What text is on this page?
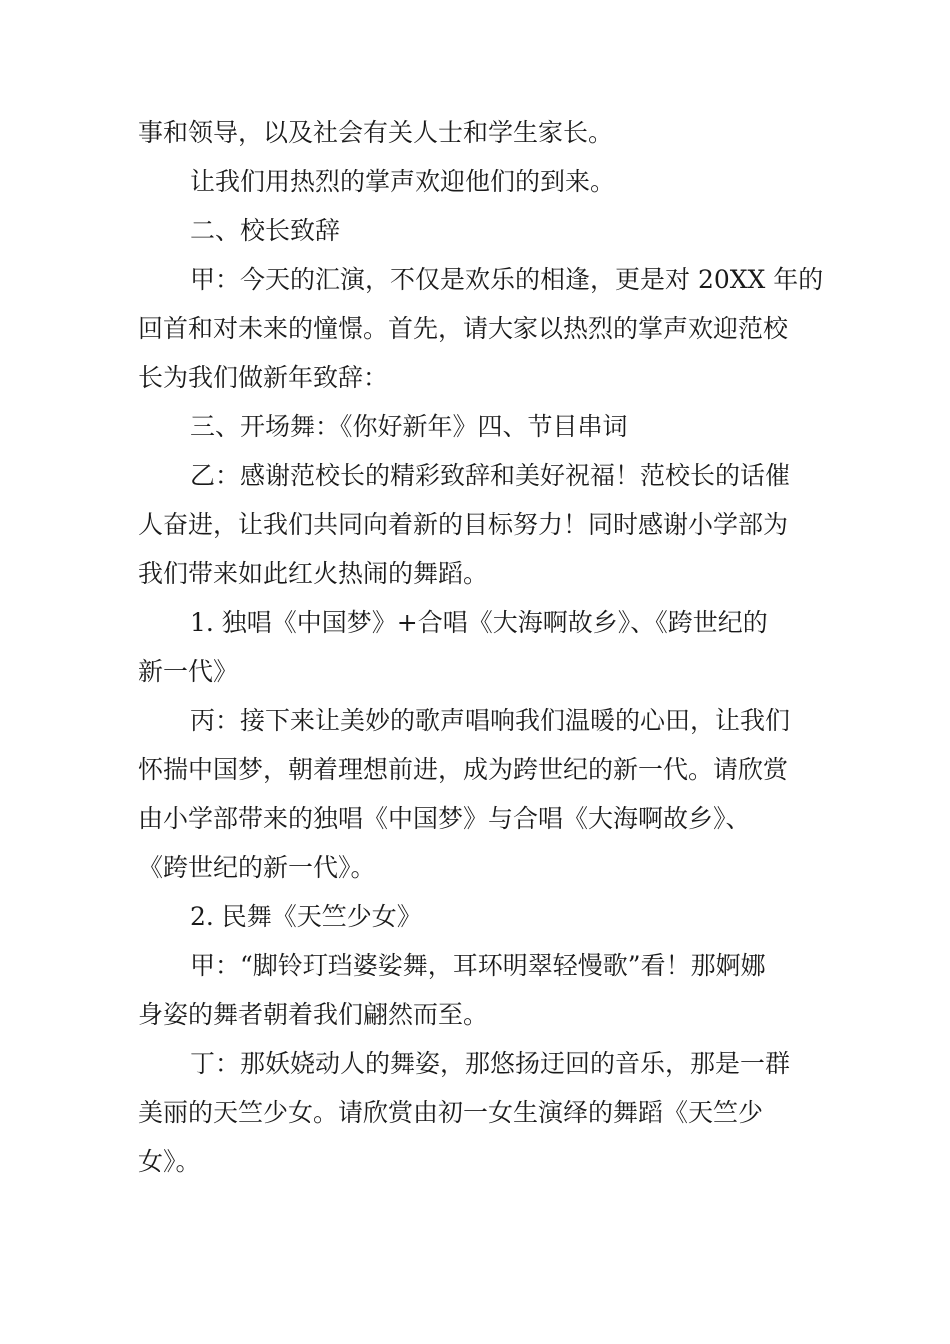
事和领导，以及社会有关人士和学生家长。
让我们用热烈的掌声欢迎他们的到来。
二、校长致辞
甲：今天的汇演，不仅是欢乐的相逢，更是对 20XX 年的
回首和对未来的憧憬。首先，请大家以热烈的掌声欢迎范校
长为我们做新年致辞：
三、开场舞：《你好新年》四、节目串词
乙：感谢范校长的精彩致辞和美好祝福！范校长的话催
人奋进，让我们共同向着新的目标努力！同时感谢小学部为
我们带来如此红火热闹的舞蹈。
1. 独唱《中国梦》+合唱《大海啊故乡》、《跨世纪的
新一代》
丙：接下来让美妙的歌声唱响我们温暖的心田，让我们
怀揣中国梦，朝着理想前进，成为跨世纪的新一代。请欣赏
由小学部带来的独唱《中国梦》与合唱《大海啊故乡》、
《跨世纪的新一代》。
2. 民舞《天竺少女》
甲：“脚铃玎珰婆娑舞，耳环明翠轻慢歌”看！那婀娜
身姿的舞者朝着我们翩然而至。
丁：那妖娆动人的舞姿，那悠扬迂回的音乐，那是一群
美丽的天竺少女。请欣赏由初一女生演绎的舞蹈《天竺少
女》。
